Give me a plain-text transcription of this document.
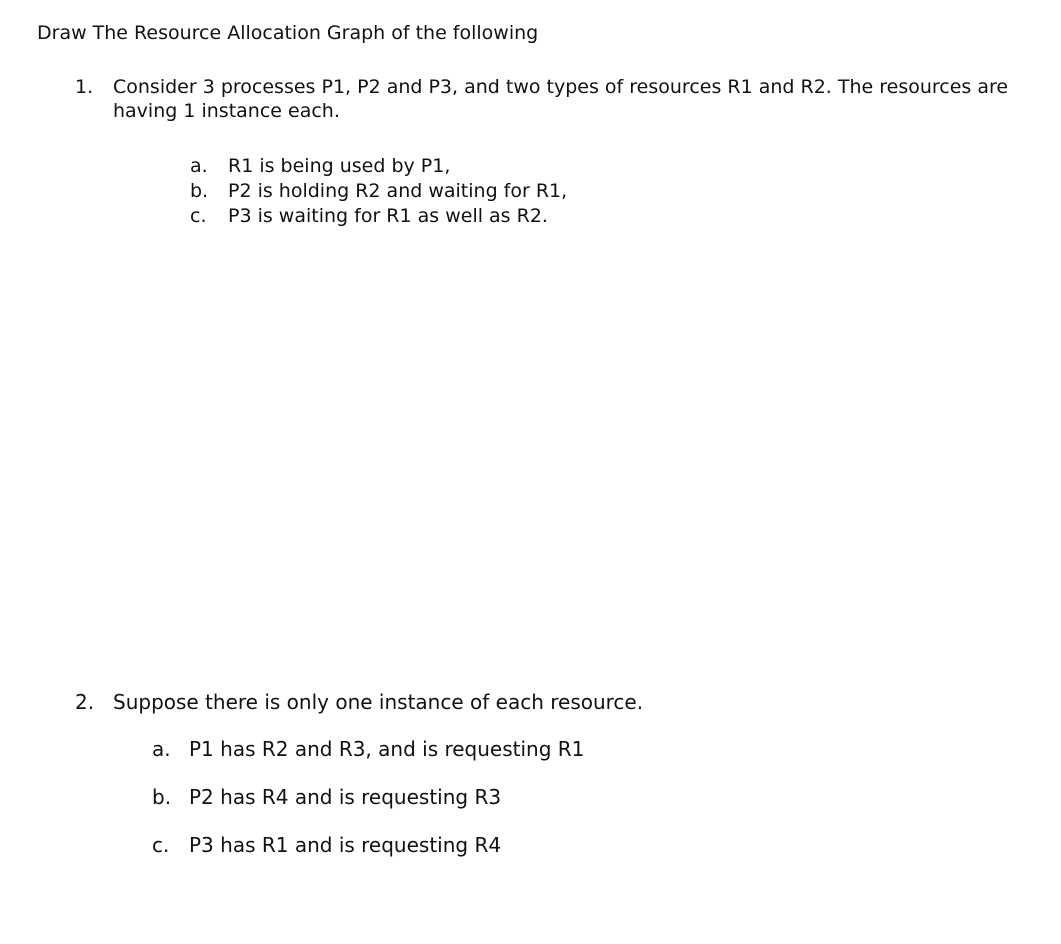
Draw The Resource Allocation Graph of the following
1. Consider 3 processes P1, P2 and P3, and two types of resources R1 and R2. The resources are having 1 instance each.
a. R1 is being used by P1,
b. P2 is holding R2 and waiting for R1,
c. P3 is waiting for R1 as well as R2.
2. Suppose there is only one instance of each resource.
a. P1 has R2 and R3, and is requesting R1
b. P2 has R4 and is requesting R3
c. P3 has R1 and is requesting R4
